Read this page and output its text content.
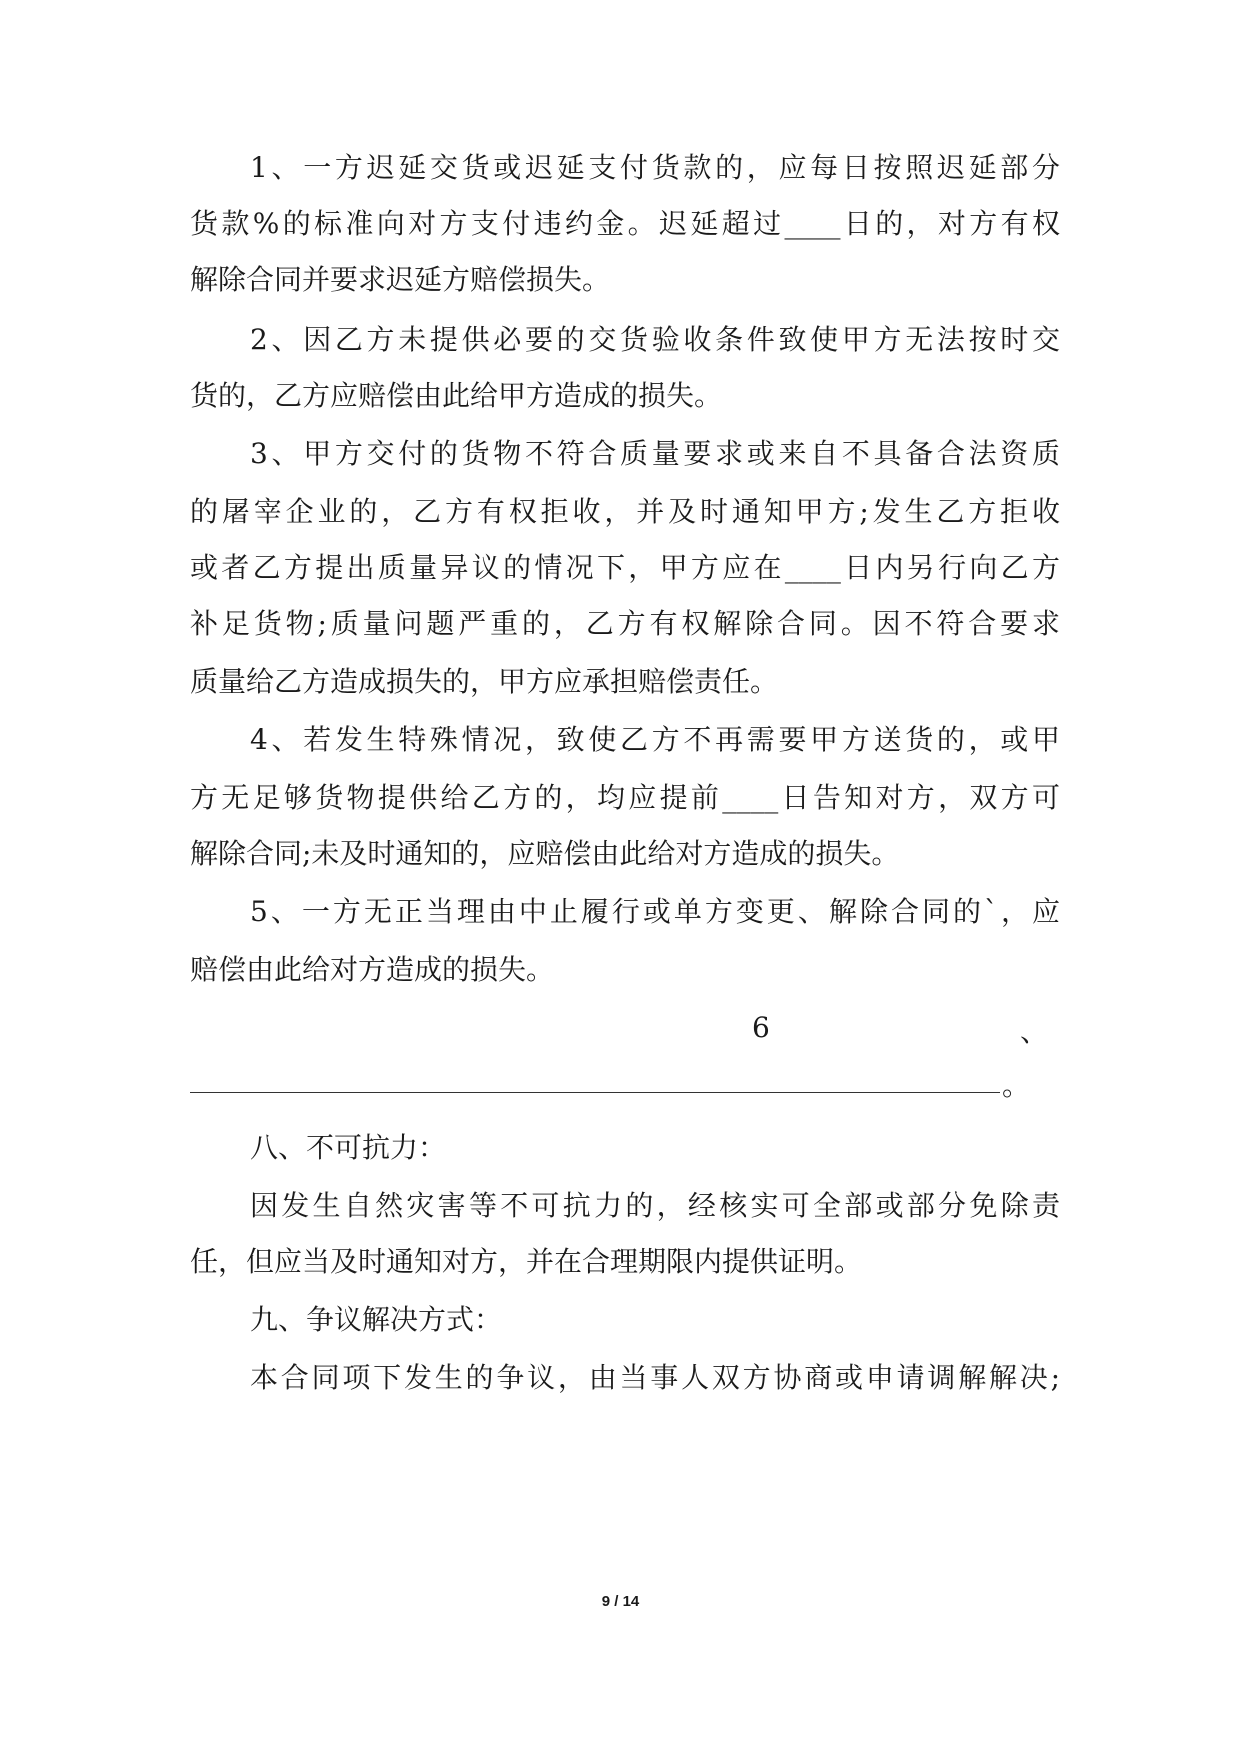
1、一方迟延交货或迟延支付货款的，应每日按照迟延部分
货款%的标准向对方支付违约金。迟延超过____日的，对方有权
解除合同并要求迟延方赔偿损失。
2、因乙方未提供必要的交货验收条件致使甲方无法按时交
货的，乙方应赔偿由此给甲方造成的损失。
3、甲方交付的货物不符合质量要求或来自不具备合法资质
的屠宰企业的，乙方有权拒收，并及时通知甲方;发生乙方拒收
或者乙方提出质量异议的情况下，甲方应在____日内另行向乙方
补足货物;质量问题严重的，乙方有权解除合同。因不符合要求
质量给乙方造成损失的，甲方应承担赔偿责任。
4、若发生特殊情况，致使乙方不再需要甲方送货的，或甲
方无足够货物提供给乙方的，均应提前____日告知对方，双方可
解除合同;未及时通知的，应赔偿由此给对方造成的损失。
5、一方无正当理由中止履行或单方变更、解除合同的`，应
赔偿由此给对方造成的损失。
6	、
。
八、不可抗力：
因发生自然灾害等不可抗力的，经核实可全部或部分免除责
任，但应当及时通知对方，并在合理期限内提供证明。
九、争议解决方式：
本合同项下发生的争议，由当事人双方协商或申请调解解决;
9 / 14
